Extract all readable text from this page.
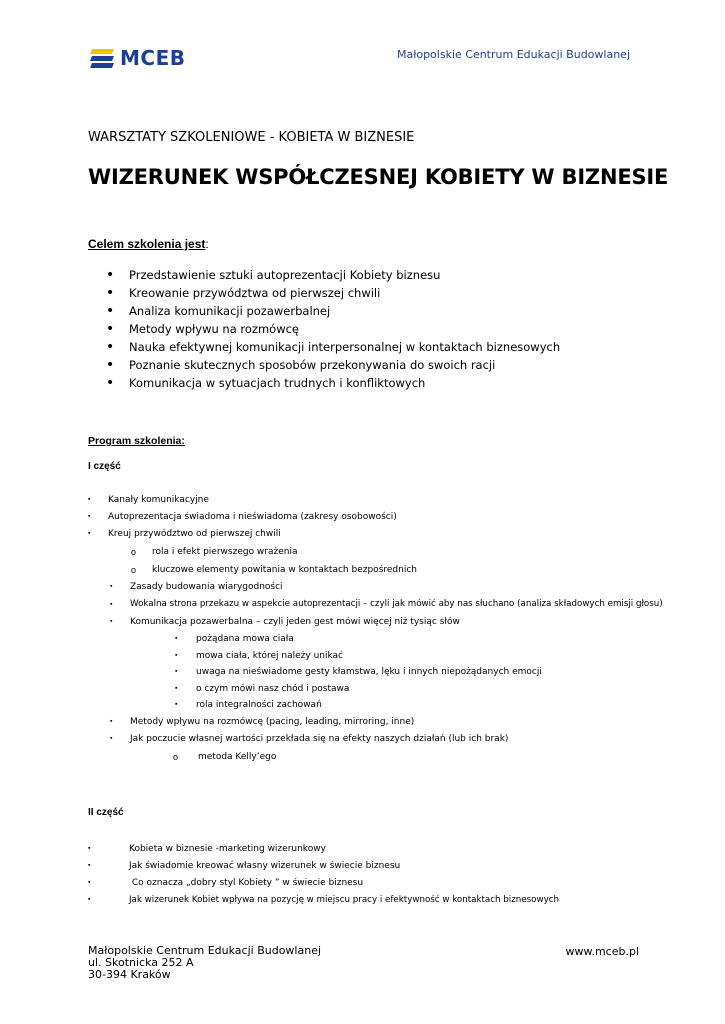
MCEB	Małopolskie Centrum Edukacji Budowlanej
WARSZTATY SZKOLENIOWE - KOBIETA W BIZNESIE
WIZERUNEK WSPÓŁCZESNEJ KOBIETY W BIZNESIE
Celem szkolenia jest:
• Przedstawienie sztuki autoprezentacji Kobiety biznesu
• Kreowanie przywództwa od pierwszej chwili
• Analiza komunikacji pozawerbalnej
• Metody wpływu na rozmówcę
• Nauka efektywnej komunikacji interpersonalnej w kontaktach biznesowych
• Poznanie skutecznych sposobów przekonywania do swoich racji
• Komunikacja w sytuacjach trudnych i konfliktowych
Program szkolenia:
I część
▪ Kanały komunikacyjne
▪ Autoprezentacja świadoma i nieświadoma (zakresy osobowości)
▪ Kreuj przywództwo od pierwszej chwili
o rola i efekt pierwszego wrażenia
o kluczowe elementy powitania w kontaktach bezpośrednich
▪ Zasady budowania wiarygodności
▪ Wokalna strona przekazu w aspekcie autoprezentacji – czyli jak mówić aby nas słuchano (analiza składowych emisji głosu)
▪ Komunikacja pozawerbalna – czyli jeden gest mówi więcej niż tysiąc słów
▪ pożądana mowa ciała
▪ mowa ciała, której należy unikać
▪ uwaga na nieświadome gesty kłamstwa, lęku i innych niepożądanych emocji
▪ o czym mówi nasz chód i postawa
▪ rola integralności zachowań
▪ Metody wpływu na rozmówcę (pacing, leading, mirroring, inne)
▪ Jak poczucie własnej wartości przekłada się na efekty naszych działań (lub ich brak)
o metoda Kelly’ego
II część
▪	Kobieta w biznesie -marketing wizerunkowy
▪	Jak świadomie kreować własny wizerunek w świecie biznesu
▪	Co oznacza „dobry styl Kobiety ” w świecie biznesu
▪	Jak wizerunek Kobiet wpływa na pozycję w miejscu pracy i efektywność w kontaktach biznesowych
Małopolskie Centrum Edukacji Budowlanej
ul. Skotnicka 252 A
30-394 Kraków
www.mceb.pl
